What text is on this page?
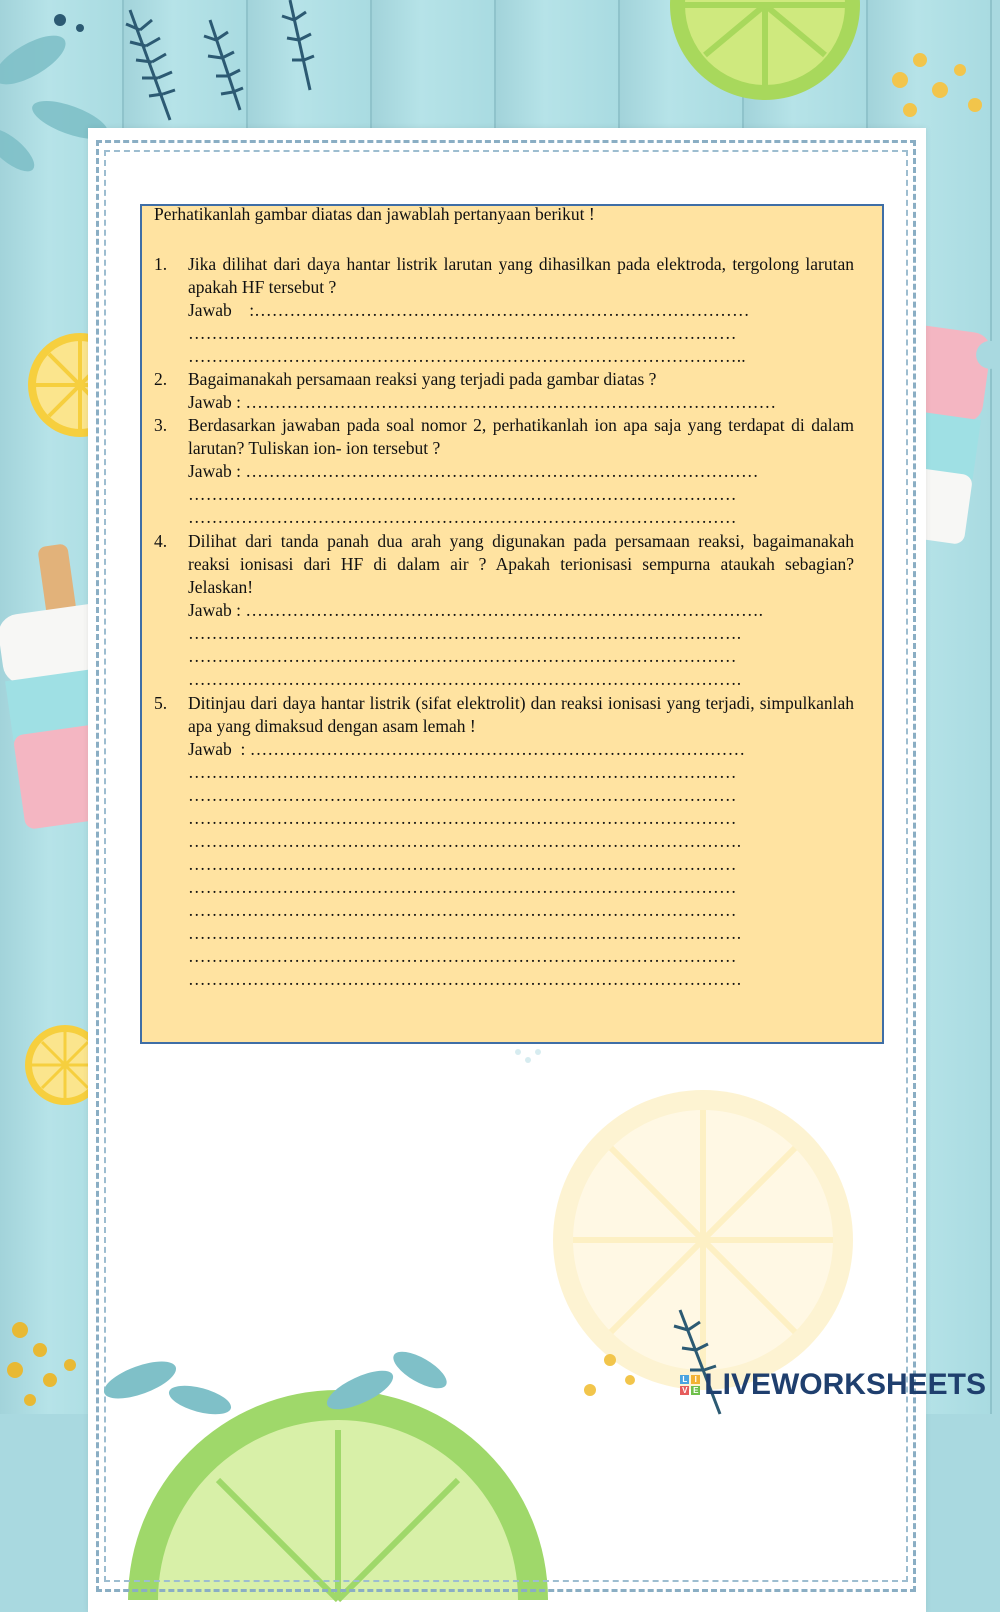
Perhatikanlah gambar diatas dan jawablah pertanyaan berikut !
1.	Jika dilihat dari daya hantar listrik larutan yang dihasilkan pada elektroda, tergolong larutan apakah HF tersebut ?
Jawab    :…………………………………………………………………………
…………………………………………………………………………………
…………………………………………………………………………………..
2.	Bagaimanakah persamaan reaksi yang terjadi pada gambar diatas ?
Jawab : ………………………………………………………………………………
3.	Berdasarkan jawaban pada soal nomor 2, perhatikanlah ion apa saja yang terdapat di dalam larutan? Tuliskan ion- ion tersebut ?
Jawab : ……………………………………………………………………………
…………………………………………………………………………………
…………………………………………………………………………………
4.	Dilihat dari tanda panah dua arah yang digunakan pada persamaan reaksi, bagaimanakah reaksi ionisasi dari HF di dalam air ? Apakah terionisasi sempurna ataukah sebagian? Jelaskan!
Jawab : …………………………………………………………………………….
………………………………………………………………………………….
…………………………………………………………………………………
………………………………………………………………………………….
5.	Ditinjau dari daya hantar listrik (sifat elektrolit) dan reaksi ionisasi yang terjadi, simpulkanlah apa yang dimaksud dengan asam lemah !
Jawab  : …………………………………………………………………………
…………………………………………………………………………………
…………………………………………………………………………………
…………………………………………………………………………………
………………………………………………………………………………….
…………………………………………………………………………………
…………………………………………………………………………………
…………………………………………………………………………………
………………………………………………………………………………….
…………………………………………………………………………………
………………………………………………………………………………….
L I
V E LIVEWORKSHEETS
